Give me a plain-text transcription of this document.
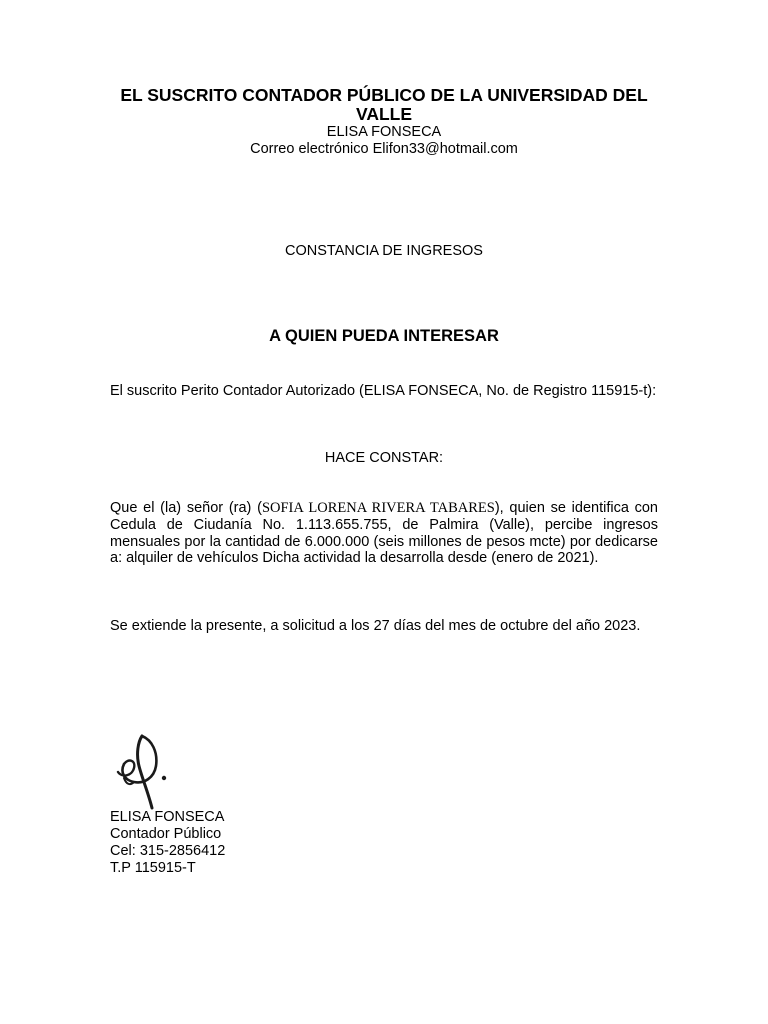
EL SUSCRITO CONTADOR PÚBLICO DE LA UNIVERSIDAD DEL VALLE

ELISA FONSECA

Correo electrónico Elifon33@hotmail.com

CONSTANCIA DE INGRESOS

A QUIEN PUEDA INTERESAR

El suscrito Perito Contador Autorizado (ELISA FONSECA, No. de Registro 115915-t):

HACE CONSTAR:

Que el (la) señor (ra) (SOFIA LORENA RIVERA TABARES), quien se identifica con Cedula de Ciudanía No. 1.113.655.755, de Palmira (Valle), percibe ingresos mensuales por la cantidad de 6.000.000 (seis millones de pesos mcte) por dedicarse a: alquiler de vehículos Dicha actividad la desarrolla desde (enero de 2021).

Se extiende la presente, a solicitud a los 27 días del mes de octubre del año 2023.

ELISA FONSECA
Contador Público
Cel: 315-2856412
T.P 115915-T
